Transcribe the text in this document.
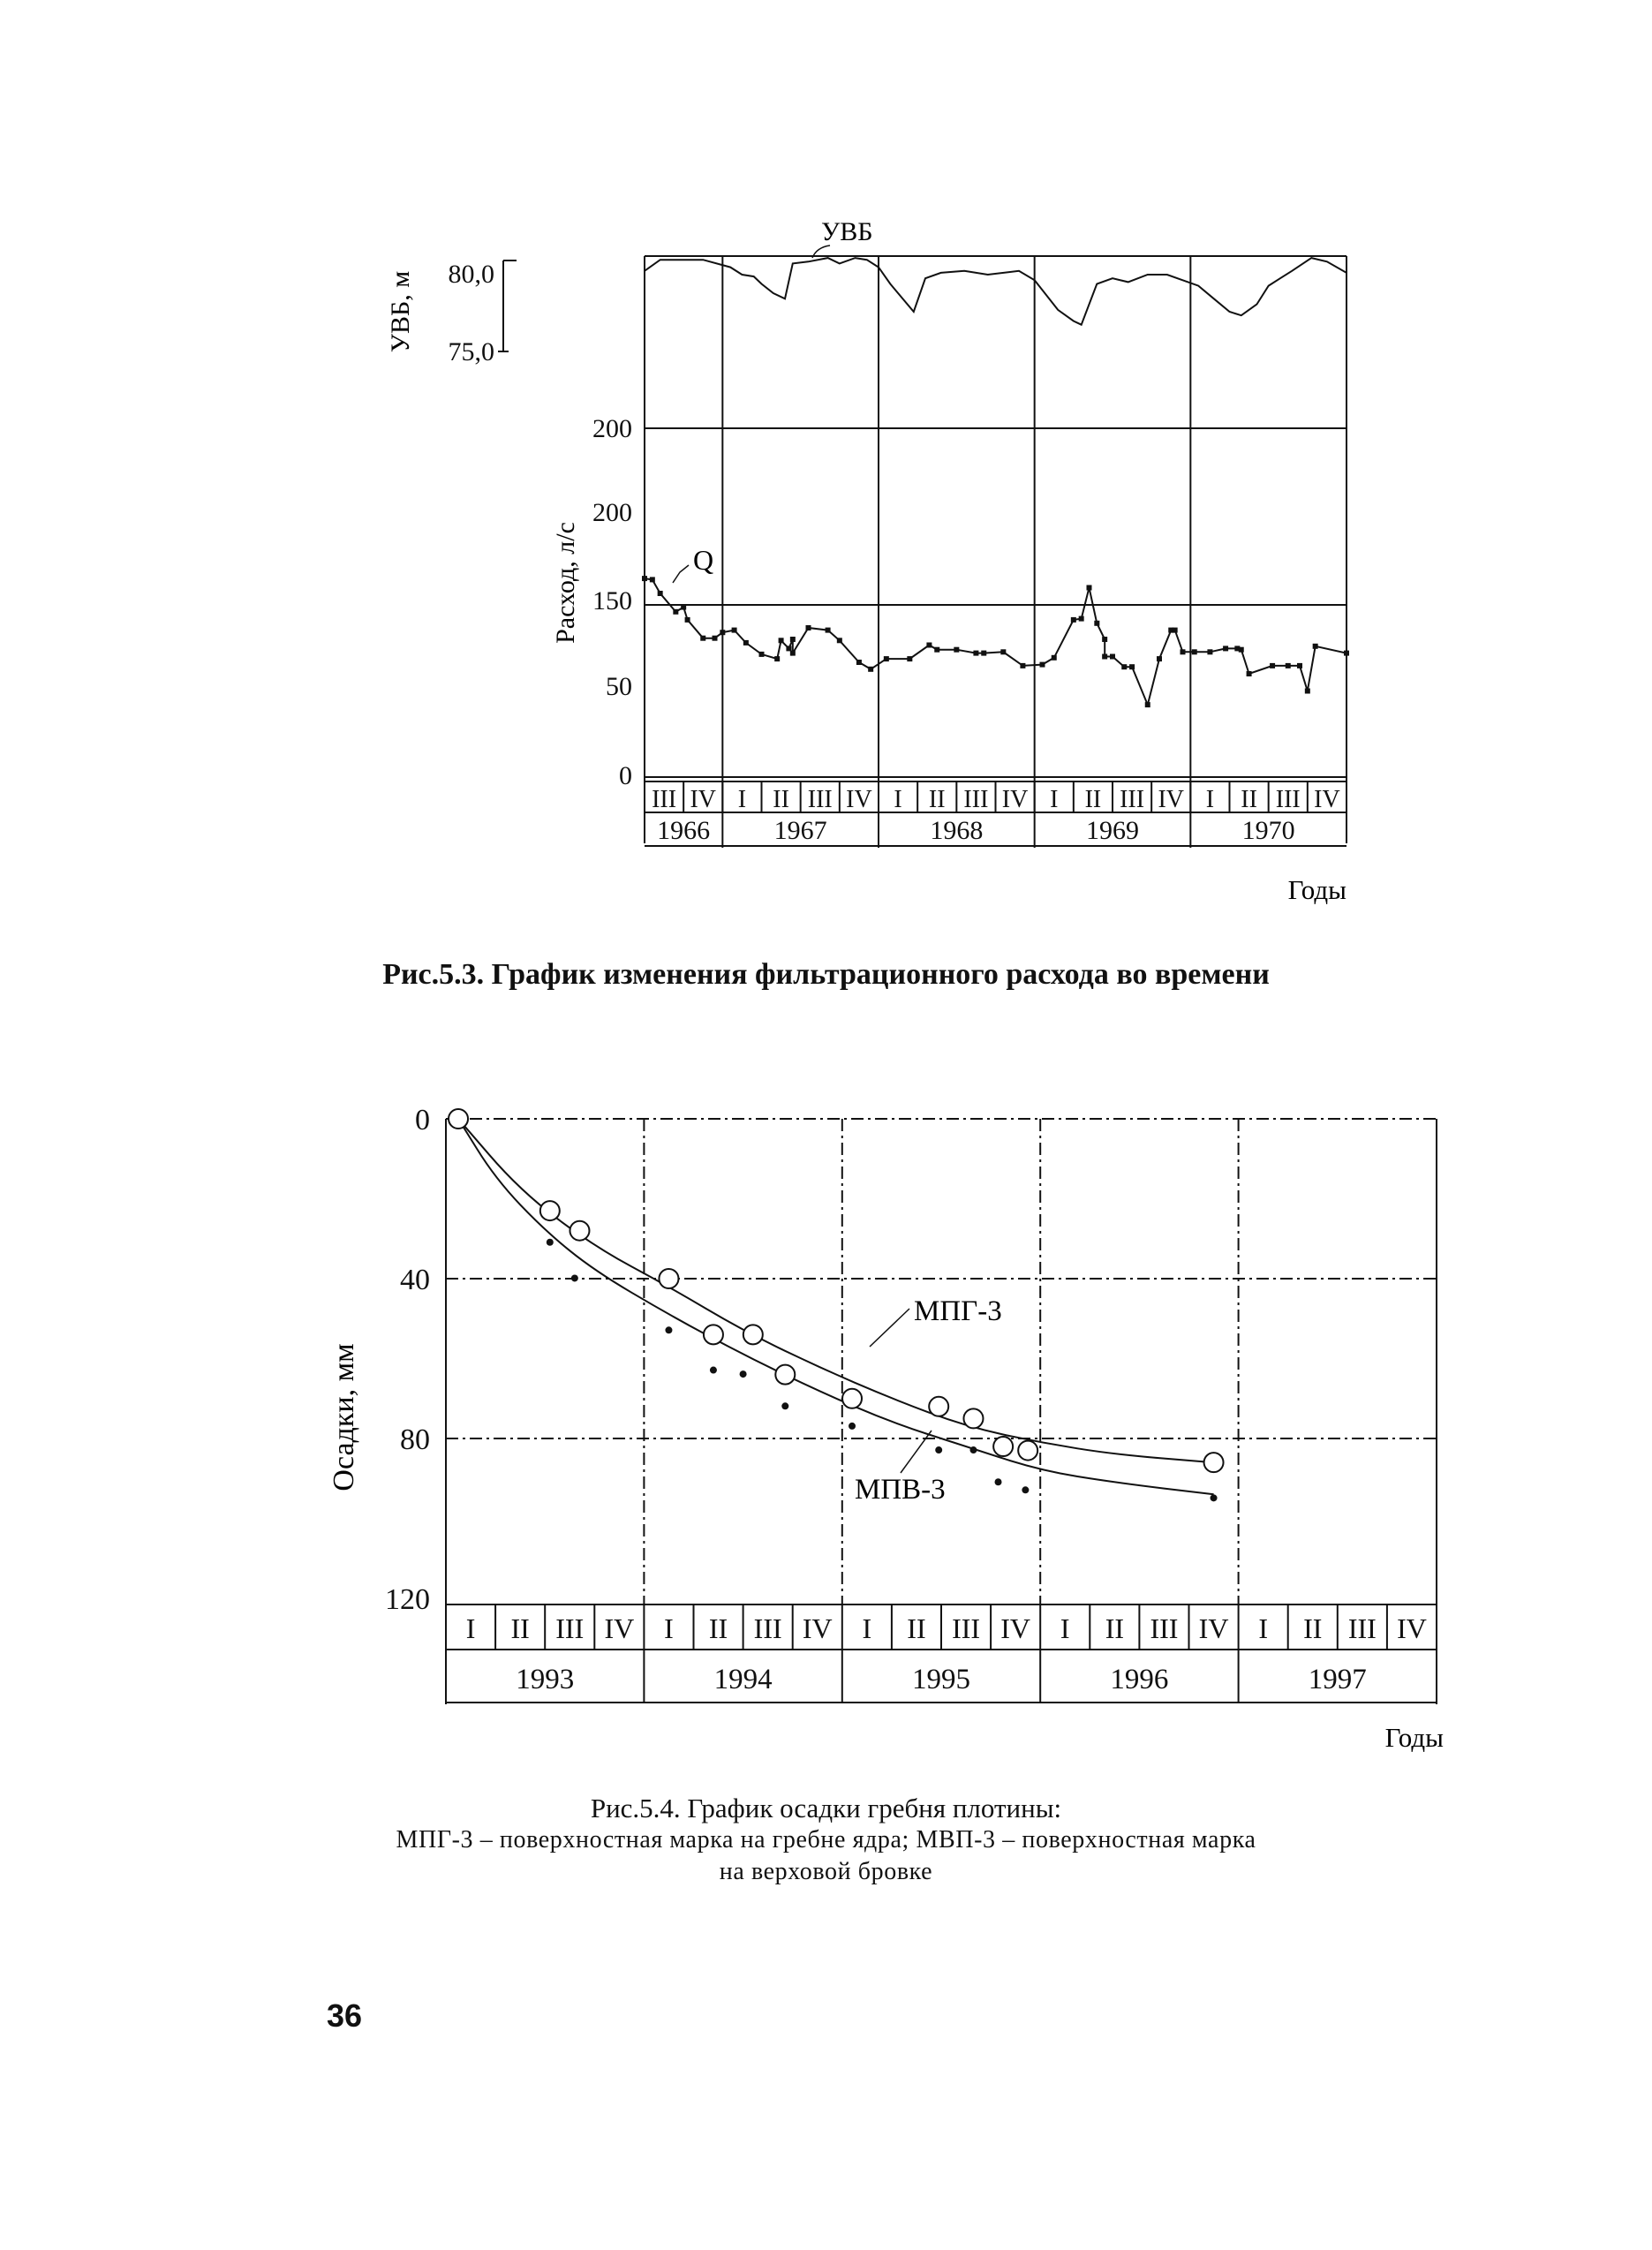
УВБ
УВБ, м
Расход, л/с	Q
Годы
80,0
75,0
200
200
150
50
0
III IV I II III IV I II III IV I II III IV I II III IV
1966 1967	1968	1969	1970
Осадки, мм
Годы
МПГ-3
МПВ-3
0
40
80
120
I II III IV I II III IV I II III IV I II III IV I II III IV
1993	1994	1995	1996	1997
Рис.5.3. График изменения фильтрационного расхода во времени
Рис.5.4. График осадки гребня плотины:
МПГ-3 – поверхностная марка на гребне ядра; МВП-3 – поверхностная марка
на верховой бровке
36
